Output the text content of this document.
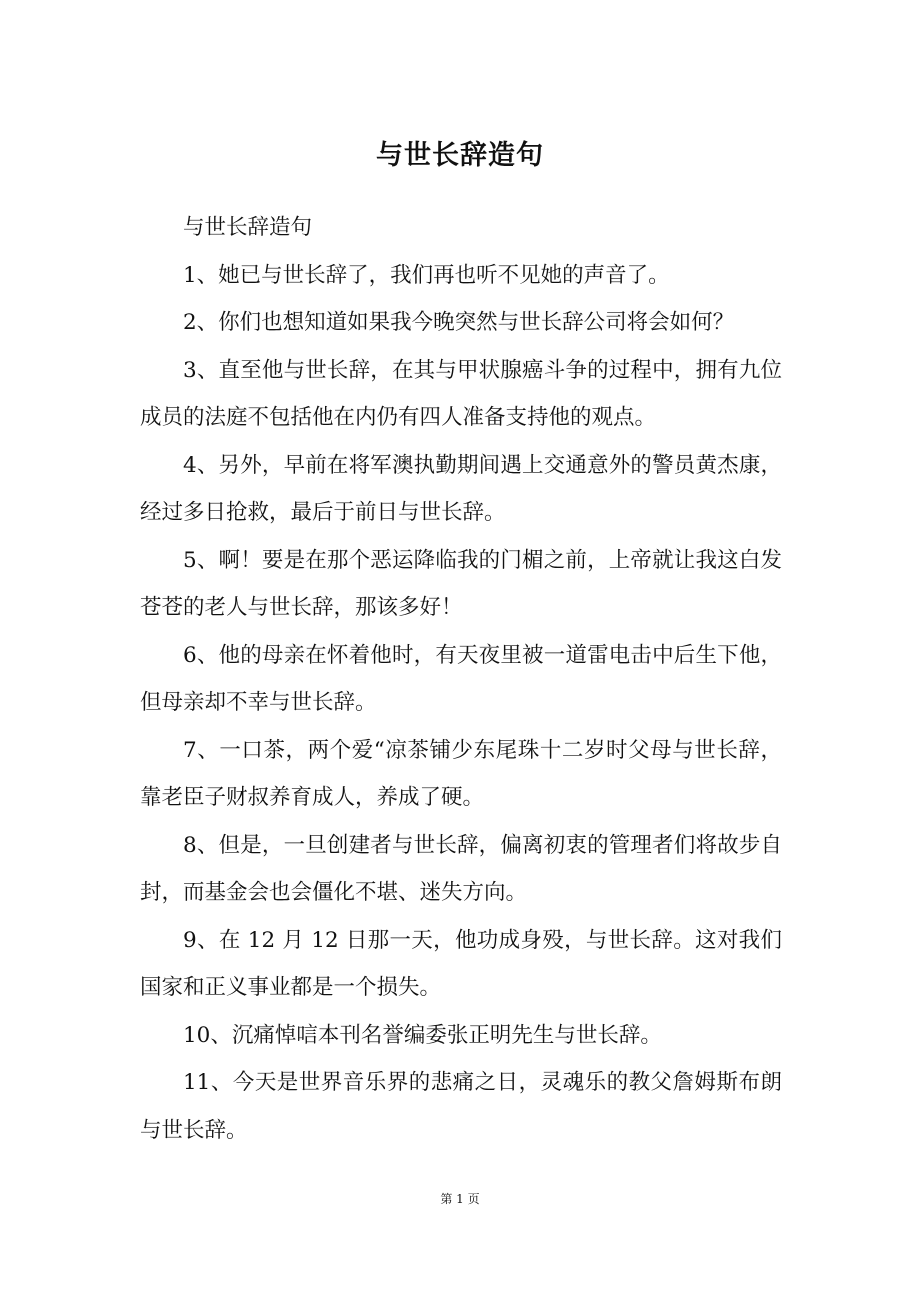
与世长辞造句

与世长辞造句

1、她已与世长辞了，我们再也听不见她的声音了。

2、你们也想知道如果我今晚突然与世长辞公司将会如何？

3、直至他与世长辞，在其与甲状腺癌斗争的过程中，拥有九位成员的法庭不包括他在内仍有四人准备支持他的观点。

4、另外，早前在将军澳执勤期间遇上交通意外的警员黄杰康，经过多日抢救，最后于前日与世长辞。

5、啊！要是在那个恶运降临我的门楣之前，上帝就让我这白发苍苍的老人与世长辞，那该多好！

6、他的母亲在怀着他时，有天夜里被一道雷电击中后生下他，但母亲却不幸与世长辞。

7、一口茶，两个爱“凉茶铺少东尾珠十二岁时父母与世长辞，靠老臣子财叔养育成人，养成了硬。

8、但是，一旦创建者与世长辞，偏离初衷的管理者们将故步自封，而基金会也会僵化不堪、迷失方向。

9、在 12 月 12 日那一天，他功成身殁，与世长辞。这对我们国家和正义事业都是一个损失。

10、沉痛悼唁本刊名誉编委张正明先生与世长辞。

11、今天是世界音乐界的悲痛之日，灵魂乐的教父詹姆斯布朗与世长辞。

第 1 页
